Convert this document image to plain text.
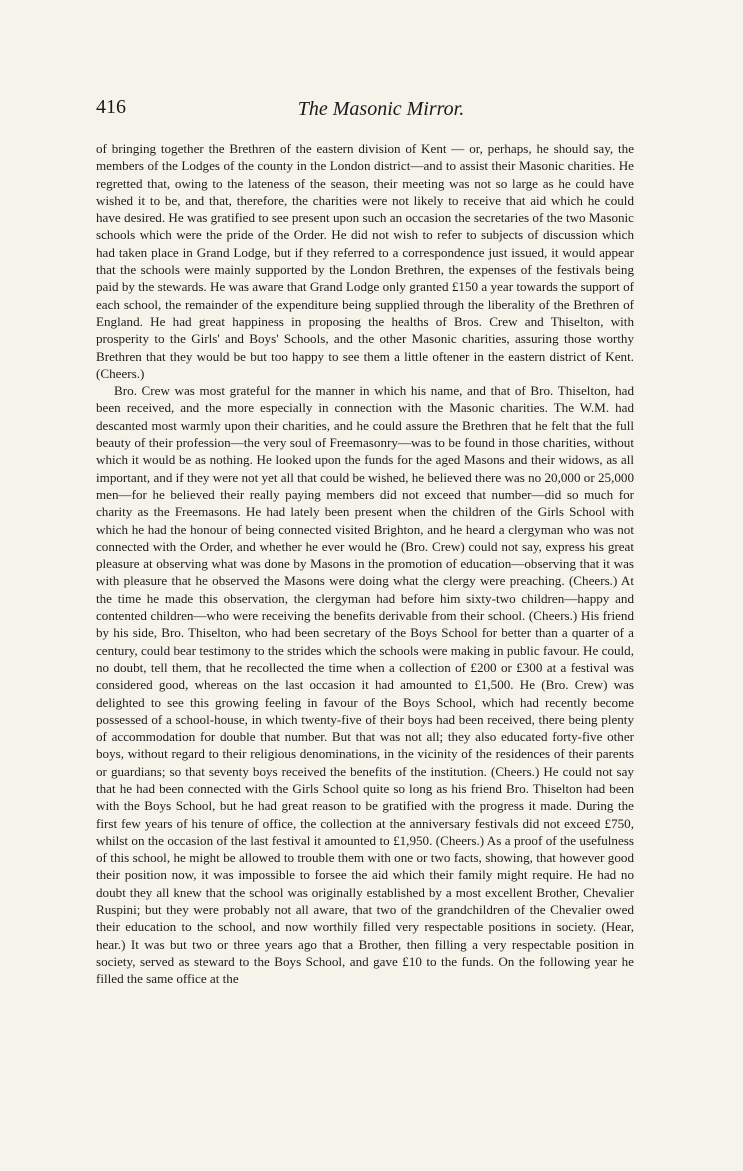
416	The Masonic Mirror.

of bringing together the Brethren of the eastern division of Kent — or, perhaps, he should say, the members of the Lodges of the county in the London district—and to assist their Masonic charities. He regretted that, owing to the lateness of the season, their meeting was not so large as he could have wished it to be, and that, therefore, the charities were not likely to receive that aid which he could have desired. He was gratified to see present upon such an occasion the secretaries of the two Masonic schools which were the pride of the Order. He did not wish to refer to subjects of discussion which had taken place in Grand Lodge, but if they referred to a correspondence just issued, it would appear that the schools were mainly supported by the London Brethren, the expenses of the festivals being paid by the stewards. He was aware that Grand Lodge only granted £150 a year towards the support of each school, the remainder of the expenditure being supplied through the liberality of the Brethren of England. He had great happiness in proposing the healths of Bros. Crew and Thiselton, with prosperity to the Girls' and Boys' Schools, and the other Masonic charities, assuring those worthy Brethren that they would be but too happy to see them a little oftener in the eastern district of Kent. (Cheers.)

Bro. Crew was most grateful for the manner in which his name, and that of Bro. Thiselton, had been received, and the more especially in connection with the Masonic charities. The W.M. had descanted most warmly upon their charities, and he could assure the Brethren that he felt that the full beauty of their profession—the very soul of Freemasonry—was to be found in those charities, without which it would be as nothing. He looked upon the funds for the aged Masons and their widows, as all important, and if they were not yet all that could be wished, he believed there was no 20,000 or 25,000 men—for he believed their really paying members did not exceed that number—did so much for charity as the Freemasons. He had lately been present when the children of the Girls School with which he had the honour of being connected visited Brighton, and he heard a clergyman who was not connected with the Order, and whether he ever would he (Bro. Crew) could not say, express his great pleasure at observing what was done by Masons in the promotion of education—observing that it was with pleasure that he observed the Masons were doing what the clergy were preaching. (Cheers.) At the time he made this observation, the clergyman had before him sixty-two children—happy and contented children—who were receiving the benefits derivable from their school. (Cheers.) His friend by his side, Bro. Thiselton, who had been secretary of the Boys School for better than a quarter of a century, could bear testimony to the strides which the schools were making in public favour. He could, no doubt, tell them, that he recollected the time when a collection of £200 or £300 at a festival was considered good, whereas on the last occasion it had amounted to £1,500. He (Bro. Crew) was delighted to see this growing feeling in favour of the Boys School, which had recently become possessed of a school-house, in which twenty-five of their boys had been received, there being plenty of accommodation for double that number. But that was not all; they also educated forty-five other boys, without regard to their religious denominations, in the vicinity of the residences of their parents or guardians; so that seventy boys received the benefits of the institution. (Cheers.) He could not say that he had been connected with the Girls School quite so long as his friend Bro. Thiselton had been with the Boys School, but he had great reason to be gratified with the progress it made. During the first few years of his tenure of office, the collection at the anniversary festivals did not exceed £750, whilst on the occasion of the last festival it amounted to £1,950. (Cheers.) As a proof of the usefulness of this school, he might be allowed to trouble them with one or two facts, showing, that however good their position now, it was impossible to forsee the aid which their family might require. He had no doubt they all knew that the school was originally established by a most excellent Brother, Chevalier Ruspini; but they were probably not all aware, that two of the grandchildren of the Chevalier owed their education to the school, and now worthily filled very respectable positions in society. (Hear, hear.) It was but two or three years ago that a Brother, then filling a very respectable position in society, served as steward to the Boys School, and gave £10 to the funds. On the following year he filled the same office at the
